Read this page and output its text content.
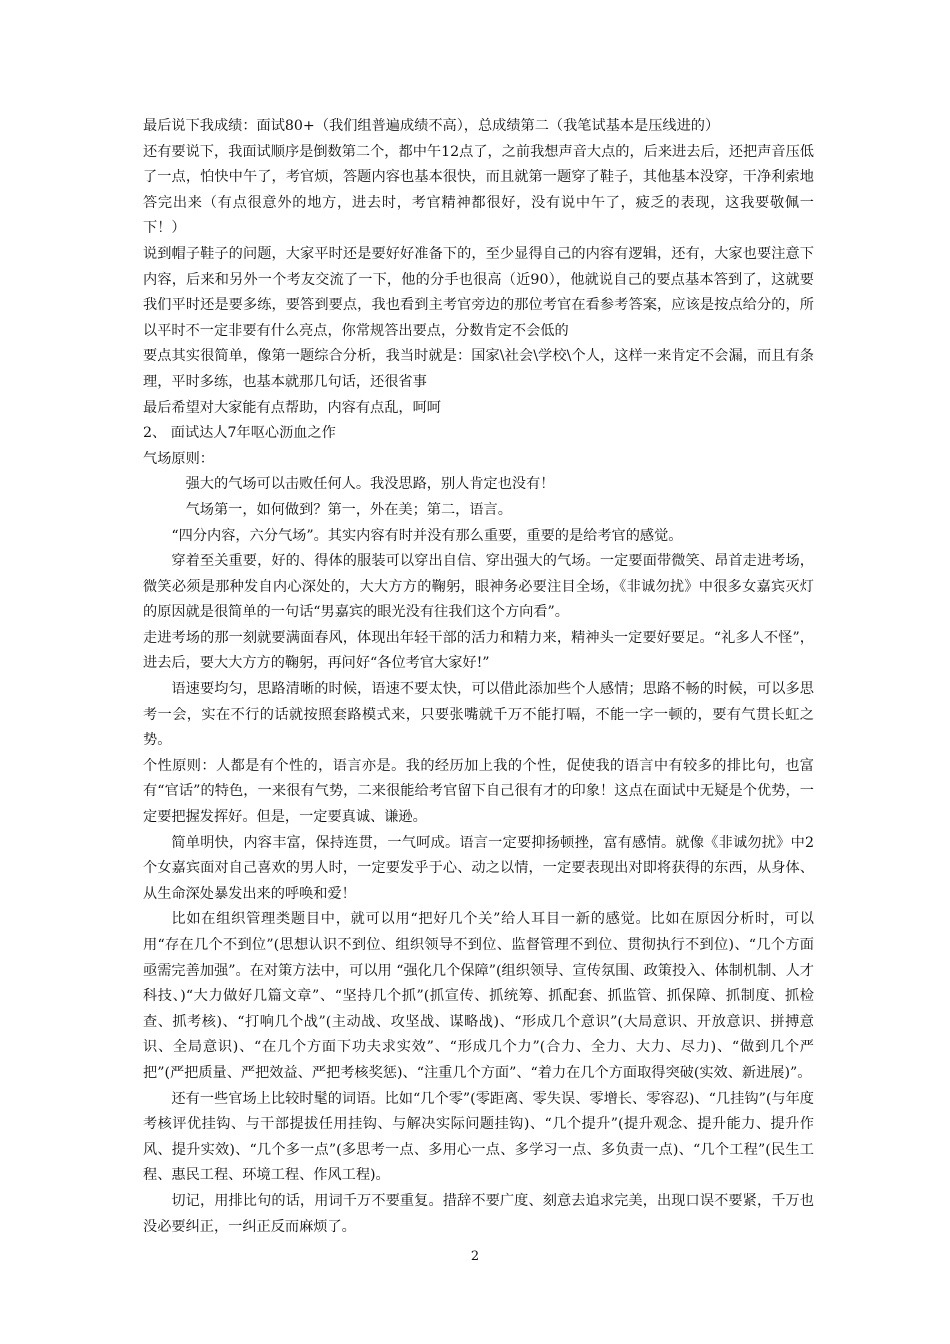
最后说下我成绩：面试80+（我们组普遍成绩不高），总成绩第二（我笔试基本是压线进的）

还有要说下，我面试顺序是倒数第二个，都中午12点了，之前我想声音大点的，后来进去后，还把声音压低了一点，怕快中午了，考官烦，答题内容也基本很快，而且就第一题穿了鞋子，其他基本没穿，干净利索地答完出来（有点很意外的地方，进去时，考官精神都很好，没有说中午了，疲乏的表现，这我要敬佩一下！）

说到帽子鞋子的问题，大家平时还是要好好准备下的，至少显得自己的内容有逻辑，还有，大家也要注意下内容，后来和另外一个考友交流了一下，他的分手也很高（近90），他就说自己的要点基本答到了，这就要我们平时还是要多练，要答到要点，我也看到主考官旁边的那位考官在看参考答案，应该是按点给分的，所以平时不一定非要有什么亮点，你常规答出要点，分数肯定不会低的

要点其实很简单，像第一题综合分析，我当时就是：国家\社会\学校\个人，这样一来肯定不会漏，而且有条理，平时多练，也基本就那几句话，还很省事

最后希望对大家能有点帮助，内容有点乱，呵呵

2、 面试达人7年呕心沥血之作

气场原则：

强大的气场可以击败任何人。我没思路，别人肯定也没有！

气场第一，如何做到？第一，外在美；第二，语言。

“四分内容，六分气场”。其实内容有时并没有那么重要，重要的是给考官的感觉。

穿着至关重要，好的、得体的服装可以穿出自信、穿出强大的气场。一定要面带微笑、昂首走进考场，微笑必须是那种发自内心深处的，大大方方的鞠躬，眼神务必要注目全场，《非诚勿扰》中很多女嘉宾灭灯的原因就是很简单的一句话“男嘉宾的眼光没有往我们这个方向看”。

走进考场的那一刻就要满面春风，体现出年轻干部的活力和精力来，精神头一定要好要足。“礼多人不怪”，进去后，要大大方方的鞠躬，再问好“各位考官大家好!”

语速要均匀，思路清晰的时候，语速不要太快，可以借此添加些个人感情；思路不畅的时候，可以多思考一会，实在不行的话就按照套路模式来，只要张嘴就千万不能打嗝，不能一字一顿的，要有气贯长虹之势。

个性原则：人都是有个性的，语言亦是。我的经历加上我的个性，促使我的语言中有较多的排比句，也富有“官话”的特色，一来很有气势，二来很能给考官留下自己很有才的印象！这点在面试中无疑是个优势，一定要把握发挥好。但是，一定要真诚、谦逊。

简单明快，内容丰富，保持连贯，一气呵成。语言一定要抑扬顿挫，富有感情。就像《非诚勿扰》中2个女嘉宾面对自己喜欢的男人时，一定要发乎于心、动之以情，一定要表现出对即将获得的东西，从身体、从生命深处暴发出来的呼唤和爱！

比如在组织管理类题目中，就可以用“把好几个关”给人耳目一新的感觉。比如在原因分析时，可以用“存在几个不到位”(思想认识不到位、组织领导不到位、监督管理不到位、贯彻执行不到位)、“几个方面亟需完善加强”。在对策方法中，可以用 “强化几个保障”(组织领导、宣传氛围、政策投入、体制机制、人才科技、)“大力做好几篇文章”、“坚持几个抓”(抓宣传、抓统筹、抓配套、抓监管、抓保障、抓制度、抓检查、抓考核)、“打响几个战”(主动战、攻坚战、谋略战)、“形成几个意识”(大局意识、开放意识、拼搏意识、全局意识)、“在几个方面下功夫求实效”、“形成几个力”(合力、全力、大力、尽力)、“做到几个严把”(严把质量、严把效益、严把考核奖惩)、“注重几个方面”、“着力在几个方面取得突破(实效、新进展)”。

还有一些官场上比较时髦的词语。比如“几个零”(零距离、零失误、零增长、零容忍)、“几挂钩”(与年度考核评优挂钩、与干部提拔任用挂钩、与解决实际问题挂钩)、“几个提升”(提升观念、提升能力、提升作风、提升实效)、“几个多一点”(多思考一点、多用心一点、多学习一点、多负责一点)、“几个工程”(民生工程、惠民工程、环境工程、作风工程)。

切记，用排比句的话，用词千万不要重复。措辞不要广度、刻意去追求完美，出现口误不要紧，千万也没必要纠正，一纠正反而麻烦了。

2
